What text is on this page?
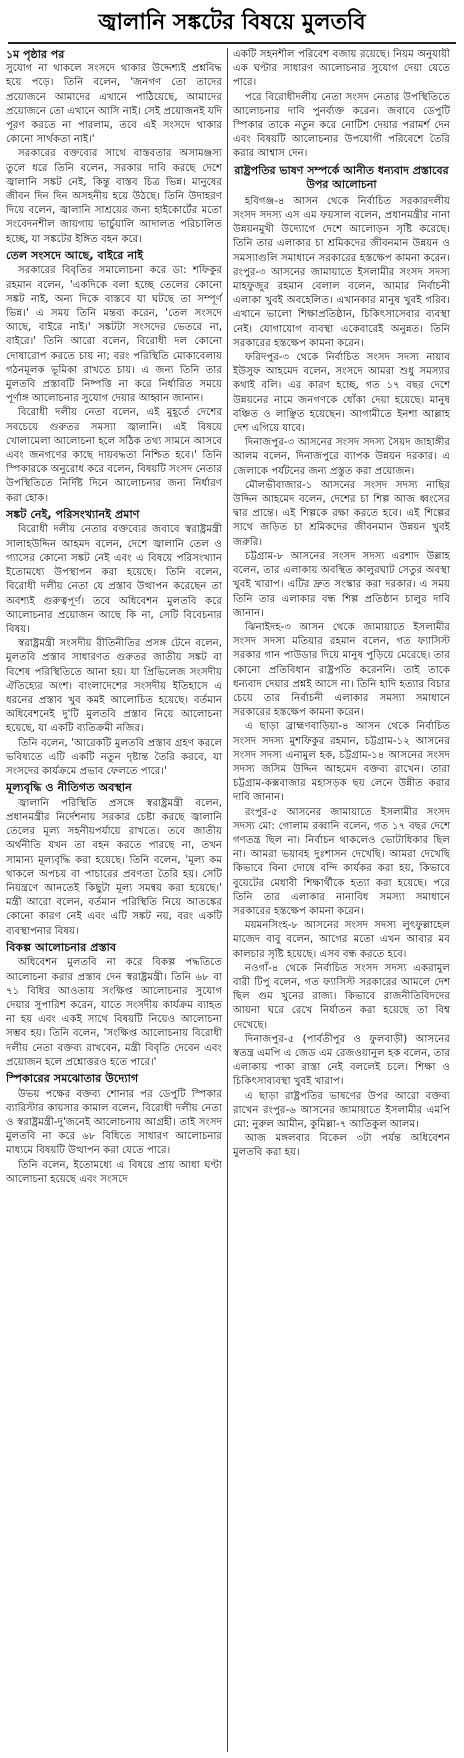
জ্বালানি সঙ্কটের বিষয়ে মুলতবি
১ম পৃষ্ঠার পর

সুযোগ না থাকলে সংসদে থাকার উদ্দেশ্যই প্রশ্নবিদ্ধ হয়ে পড়ে। তিনি বলেন, 'জনগণ তো তাদের প্রয়োজনে আমাদের এখানে পাঠিয়েছে, আমাদের প্রয়োজনে তো এখানে আসি নাই। সেই প্রয়োজনই যদি পূরণ করতে না পারলাম, তবে এই সংসদে থাকার কোনো সার্থকতা নাই।'

সরকারের বক্তব্যের সাথে বাস্তবতার অসামঞ্জস্য তুলে ধরে তিনি বলেন, সরকার দাবি করছে দেশে জ্বালানি সঙ্কট নেই, কিন্তু বাস্তব চিত্র ভিন্ন। মানুষের জীবন দিন দিন অসহনীয় হয়ে উঠছে। তিনি উদাহরণ দিয়ে বলেন, জ্বালানি সাশ্রয়ের জন্য হাইকোর্টের মতো সংবেদনশীল জায়গায় ভার্চুয়ালি আদালত পরিচালিত হচ্ছে, যা সঙ্কটের ইঙ্গিত বহন করে।

তেল সংসদে আছে, বাইরে নাই

সরকারের বিবৃতির সমালোচনা করে ডা: শফিকুর রহমান বলেন, 'একদিকে বলা হচ্ছে তেলের কোনো সঙ্কট নাই, অন্য দিকে বাস্তবে যা ঘটছে তা সম্পূর্ণ ভিন্ন।' এ সময় তিনি মন্তব্য করেন, 'তেল সংসদে আছে, বাইরে নাই।' সঙ্কটটা সংসদের ভেতরে না, বাইরে।' তিনি আরো বলেন, বিরোধী দল কোনো দোষারোপ করতে চায় না; বরং পরিস্থিতি মোকাবেলায় গঠনমূলক ভূমিকা রাখতে চায়। এ জন্য তিনি তার মুলতবি প্রস্তাবটি নিষ্পত্তি না করে নির্ধারিত সময়ে পূর্ণাঙ্গ আলোচনার সুযোগ দেয়ার আহ্বান জানান।

বিরোধী দলীয় নেতা বলেন, এই মুহূর্তে দেশের সবচেয়ে গুরুতর সমস্যা জ্বালানি। এই বিষয়ে খোলামেলা আলোচনা হলে সঠিক তথ্য সামনে আসবে এবং জনগণের কাছে দায়বদ্ধতা নিশ্চিত হবে।' তিনি স্পিকারকে অনুরোধ করে বলেন, বিষয়টি সংসদ নেতার উপস্থিতিতে নির্দিষ্ট দিনে আলোচনার জন্য নির্ধারণ করা হোক।

সঙ্কট নেই, পরিসংখ্যানই প্রমাণ

বিরোধী দলীয় নেতার বক্তব্যের জবাবে স্বরাষ্ট্রমন্ত্রী সালাহউদ্দিন আহমদ বলেন, দেশে জ্বালানি তেল ও গ্যাসের কোনো সঙ্কট নেই এবং এ বিষয়ে পরিসংখ্যান ইতোমধ্যে উপস্থাপন করা হয়েছে। তিনি বলেন, বিরোধী দলীয় নেতা যে প্রস্তাব উত্থাপন করেছেন তা অবশ্যই গুরুত্বপূর্ণ। তবে অধিবেশন মুলতবি করে আলোচনার প্রয়োজন আছে কি না, সেটি বিবেচনার বিষয়।

স্বরাষ্ট্রমন্ত্রী সংসদীয় রীতিনীতির প্রসঙ্গ টেনে বলেন, মুলতবি প্রস্তাব সাধারণত গুরুতর জাতীয় সঙ্কট বা বিশেষ পরিস্থিতিতে আনা হয়। যা প্রিভিলেজ সংসদীয় ঐতিহ্যের অংশ। বাংলাদেশের সংসদীয় ইতিহাসে এ ধরনের প্রস্তাব খুব কমই আলোচিত হয়েছে। বর্তমান অধিবেশনেই দু'টি মুলতবি প্রস্তাব নিয়ে আলোচনা হয়েছে, যা একটি ব্যতিক্রমী নজির।

তিনি বলেন, 'আরেকটি মুলতবি প্রস্তাব গ্রহণ করলে ভবিষ্যতে এটি একটি নতুন দৃষ্টান্ত তৈরি করবে, যা সংসদের কার্যক্রমে প্রভাব ফেলতে পারে।'

মূল্যবৃদ্ধি ও নীতিগত অবস্থান

জ্বালানি পরিস্থিতি প্রসঙ্গে স্বরাষ্ট্রমন্ত্রী বলেন, প্রধানমন্ত্রীর নির্দেশনায় সরকার চেষ্টা করছে জ্বালানি তেলের মূল্য সহনীয়পর্যায়ে রাখতে। তবে জাতীয় অর্থনীতি যখন তা বহন করতে পারছে না, তখন সামান্য মূল্যবৃদ্ধি করা হয়েছে। তিনি বলেন, 'মূল্য কম থাকলে অপচয় বা পাচারের প্রবণতা তৈরি হয়। সেটি নিয়ন্ত্রণে আনতেই কিছুটা মূল্য সমন্বয় করা হয়েছে।' মন্ত্রী আরো বলেন, বর্তমান পরিস্থিতি নিয়ে আতঙ্কের কোনো কারণ নেই এবং এটি সঙ্কট নয়, বরং একটি ব্যবস্থাপনার বিষয়।

বিকল্প আলোচনার প্রস্তাব

অধিবেশন মুলতবি না করে বিকল্প পদ্ধতিতে আলোচনা করার প্রস্তাব দেন স্বরাষ্ট্রমন্ত্রী। তিনি ৬৮ বা ৭১ বিধির আওতায় সংক্ষিপ্ত আলোচনার সুযোগ দেয়ার সুপারিশ করেন, যাতে সংসদীয় কার্যক্রম ব্যাহত না হয় এবং একই সাথে বিষয়টি নিয়েও আলোচনা সম্ভব হয়। তিনি বলেন, 'সংক্ষিপ্ত আলোচনায় বিরোধী দলীয় নেতা বক্তব্য রাখবেন, মন্ত্রী বিবৃতি দেবেন এবং প্রয়োজন হলে প্রশ্নোত্তরও হতে পারে।'

স্পিকারের সমঝোতার উদ্যোগ

উভয় পক্ষের বক্তব্য শোনার পর ডেপুটি স্পিকার ব্যারিস্টার কায়সার কামাল বলেন, বিরোধী দলীয় নেতা ও স্বরাষ্ট্রমন্ত্রী-দু'জনেই আলোচনায় আগ্রহী। তাই সংসদ মুলতবি না করে ৬৮ বিধিতে সাধারণ আলোচনার মাধ্যমে বিষয়টি উত্থাপন করা যেতে পারে।

তিনি বলেন, ইতোমধ্যে এ বিষয়ে প্রায় আধা ঘণ্টা আলোচনা হয়েছে এবং সংসদে

একটি সহনশীল পরিবেশ বজায় রয়েছে। নিয়ম অনুযায়ী এক ঘণ্টার সাধারণ আলোচনার সুযোগ দেয়া যেতে পারে।

পরে বিরোধীদলীয় নেতা সংসদ নেতার উপস্থিতিতে আলোচনার দাবি পুনর্ব্যক্ত করেন। জবাবে ডেপুটি স্পিকার তাকে নতুন করে নোটিশ দেয়ার পরামর্শ দেন এবং বিষয়টি আলোচনার উপযোগী পরিবেশে তৈরি করার আশ্বাস দেন।

রাষ্ট্রপতির ভাষণ সম্পর্কে আনীত ধন্যবাদ প্রস্তাবের উপর আলোচনা

হবিগঞ্জ-৪ আসন থেকে নির্বাচিত সরকারদলীয় সংসদ সদস্য এস এম ফয়সাল বলেন, প্রধানমন্ত্রীর নানা উন্নয়নমুখী উদ্যোগে দেশে আলোড়ন সৃষ্টি করেছে। তিনি তার এলাকার চা শ্রমিকদের জীবনমান উন্নয়ন ও সমস্যাগুলি সমাধানে সরকারের হস্তক্ষেপ কামনা করেন। রংপুর-৩ আসনের জামায়াতে ইসলামীর সংসদ সদস্য মাহফুজুর রহমান বেলাল বলেন, আমার নির্বাচনী এলাকা খুবই অবহেলিত। এখানকার মানুষ খুবই গরিব। এখানে ভালো শিক্ষাপ্রতিষ্ঠান, চিকিৎসাসেবার ব্যবস্থা নেই। যোগাযোগ ব্যবস্থা একেবারেই অনুন্নত। তিনি সরকারের হস্তক্ষেপ কামনা করেন।

ফরিদপুর-৩ থেকে নির্বাচিত সংসদ সদস্য নায়াব ইউসুফ আহমেদ বলেন, সংসদে আমরা শুধু সমস্যার কথাই বলি। এর কারণ হচ্ছে, গত ১৭ বছর দেশে উন্নয়নের নামে জনগণকে ধোঁকা দেয়া হয়েছে। মানুষ বঞ্চিত ও লাঞ্ছিত হয়েছেন। আগামীতে ইনশা আল্লাহ দেশ এগিয়ে যাবে।

দিনাজপুর-৩ আসনের সংসদ সদস্য সৈয়দ জাহাঙ্গীর আলম বলেন, দিনাজপুরে ব্যাপক উন্নয়ন দরকার। এ জেলাকে পর্যটনের জন্য প্রস্তুত করা প্রয়োজন।

মৌলভীবাজার-১ আসনের সংসদ সদস্য নাছির উদ্দিন আহমেদ বলেন, দেশের চা শিল্প আজ ধ্বংসের দ্বার প্রান্তে। এই শিল্পকে রক্ষা করতে হবে। এই শিল্পের সাথে জড়িত চা শ্রমিকদের জীবনমান উন্নয়ন খুবই জরুরি।

চট্টগ্রাম-৮ আসনের সংসদ সদস্য এরশাদ উল্লাহ বলেন, তার এলাকায় অবস্থিত কালুরঘাট সেতুর অবস্থা খুবই খারাপ। এটির দ্রুত সংস্কার করা দরকার। এ সময় তিনি তার এলাকার বন্ধ শিল্প প্রতিষ্ঠান চালুর দাবি জানান।

ঝিনাইদহ-৩ আসন থেকে জামায়াতে ইসলামীর সংসদ সদস্য মতিয়ার রহমান বলেন, গত ফ্যাসিস্ট সরকার গান পাউডার দিয়ে মানুষ পুড়িয়ে মেরেছে। তার কোনো প্রতিবিধান রাষ্ট্রপতি করেননি। তাই তাকে ধন্যবাদ দেয়ার প্রশ্নই আসে না। তিনি হাদি হত্যার বিচার চেয়ে তার নির্বাচনী এলাকার সমস্যা সমাধানে সরকারের হস্তক্ষেপ কামনা করেন।

এ ছাড়া ব্রাহ্মণবাড়িয়া-৪ আসন থেকে নির্বাচিত সংসদ সদস্য মুশফিকুর রহমান, চট্টগ্রাম-১২ আসনের সংসদ সদস্য এনামুল হক, চট্টগ্রাম-১৪ আসনের সংসদ সদস্য জসিম উদ্দিন আহমেদ বক্তব্য রাখেন। তারা চট্টগ্রাম-কক্সবাজার মহাসড়ক ছয় লেনে উন্নীত করার দাবি জানান।

রংপুর-৫ আসনের জামায়াতে ইসলামীর সংসদ সদস্য মো: গোলাম রব্বানি বলেন, গত ১৭ বছর দেশে গণতন্ত্র ছিল না। নির্বাচন থাকলেও ভোটাধিকার ছিল না। আমরা ভয়াবহ দুঃশাসন দেখেছি। আমরা দেখেছি কিভাবে বিনা দোষে বন্দি কার্যকর করা হয়, কিভাবে বুয়েটের মেধাবী শিক্ষার্থীকে হত্যা করা হয়েছে। পরে তিনি তার এলাকার নানাবিধ সমস্যা সমাধানে সরকারের হস্তক্ষেপ কামনা করেন।

ময়মনসিংহ-৮ আসনের সংসদ সদস্য লুৎফুল্লাহেল মাজেদ বাবু বলেন, আগের মতো এখন আবার মব কালচার সৃষ্টি হয়েছে। এসব বন্ধ করতে হবে।

নওগাঁ-৪ থেকে নির্বাচিত সংসদ সদস্য একরামুল বারী টিপু বলেন, গত ফ্যাসিস্ট সরকারের আমলে দেশ ছিল গুম খুনের রাজ্য। কিভাবে রাজনীতিবিদদের আয়না ঘরে রেখে নির্যাতন করা হয়েছে তা বিশ্ব দেখেছে।

দিনাজপুর-৫ (পার্বতীপুর ও ফুলবাড়ী) আসনের স্বতন্ত্র এমপি এ জেড এম রেজওয়ানুল হক বলেন, তার এলাকায় পাকা রাস্তা নেই বললেই চলে। শিক্ষা ও চিকিৎসাব্যবস্থা খুবই খারাপ।

এ ছাড়া রাষ্ট্রপতির ভাষণের উপর আরো বক্তব্য রাখেন রংপুর-৬ আসনের জামায়াতে ইসলামীর এমপি মো: নুরুল আমীন, কুমিল্লা-৭ আতিকুল আলম।

আজ মঙ্গলবার বিকেল ৩টা পর্যন্ত অধিবেশন মুলতবি করা হয়।
